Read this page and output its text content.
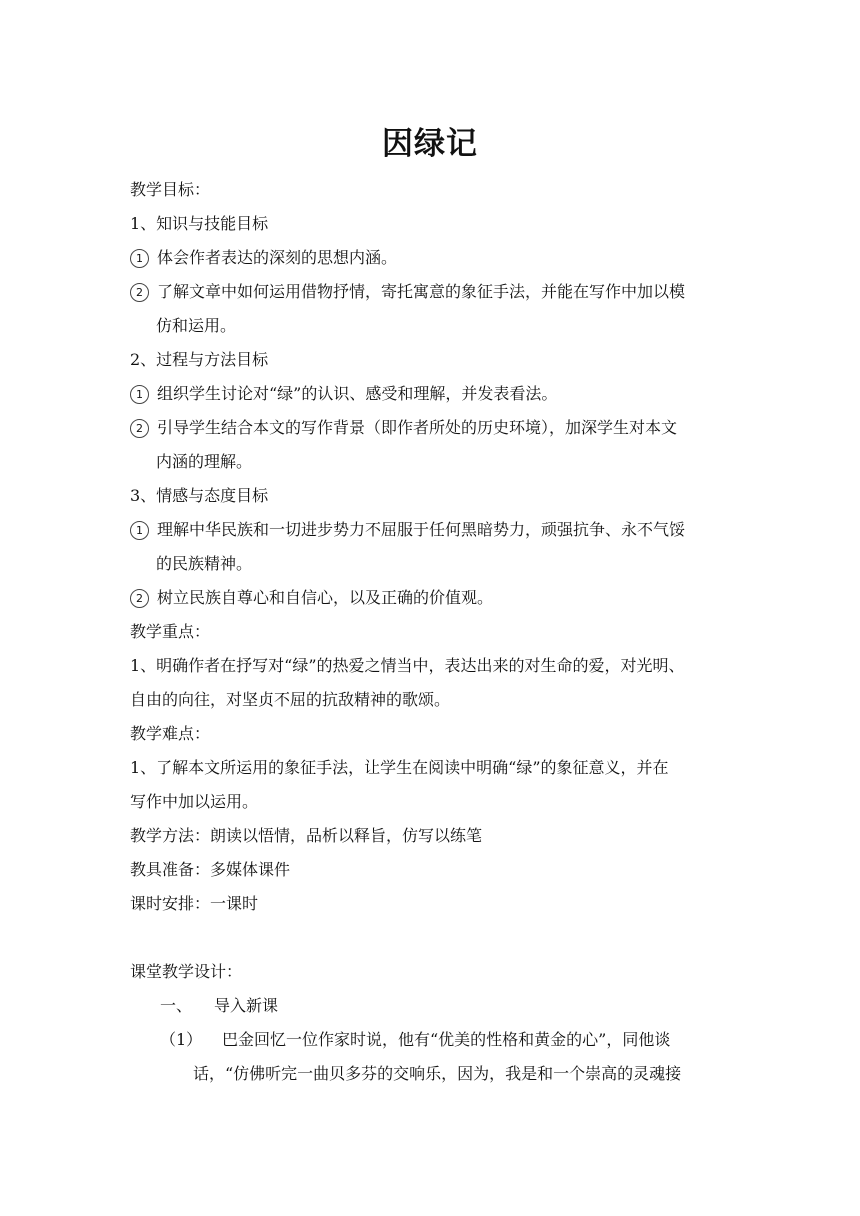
因绿记
教学目标：
1、知识与技能目标
1 体会作者表达的深刻的思想内涵。
2 了解文章中如何运用借物抒情，寄托寓意的象征手法，并能在写作中加以模
仿和运用。
2、过程与方法目标
1 组织学生讨论对“绿”的认识、感受和理解，并发表看法。
2 引导学生结合本文的写作背景（即作者所处的历史环境），加深学生对本文
内涵的理解。
3、情感与态度目标
1 理解中华民族和一切进步势力不屈服于任何黑暗势力，顽强抗争、永不气馁
的民族精神。
2 树立民族自尊心和自信心，以及正确的价值观。
教学重点：
1、明确作者在抒写对“绿”的热爱之情当中，表达出来的对生命的爱，对光明、
自由的向往，对坚贞不屈的抗敌精神的歌颂。
教学难点：
1、了解本文所运用的象征手法，让学生在阅读中明确“绿”的象征意义，并在
写作中加以运用。
教学方法：朗读以悟情，品析以释旨，仿写以练笔
教具准备：多媒体课件
课时安排：一课时
课堂教学设计：
一、 导入新课
（1） 巴金回忆一位作家时说，他有“优美的性格和黄金的心”，同他谈
话，“仿佛听完一曲贝多芬的交响乐，因为，我是和一个崇高的灵魂接
